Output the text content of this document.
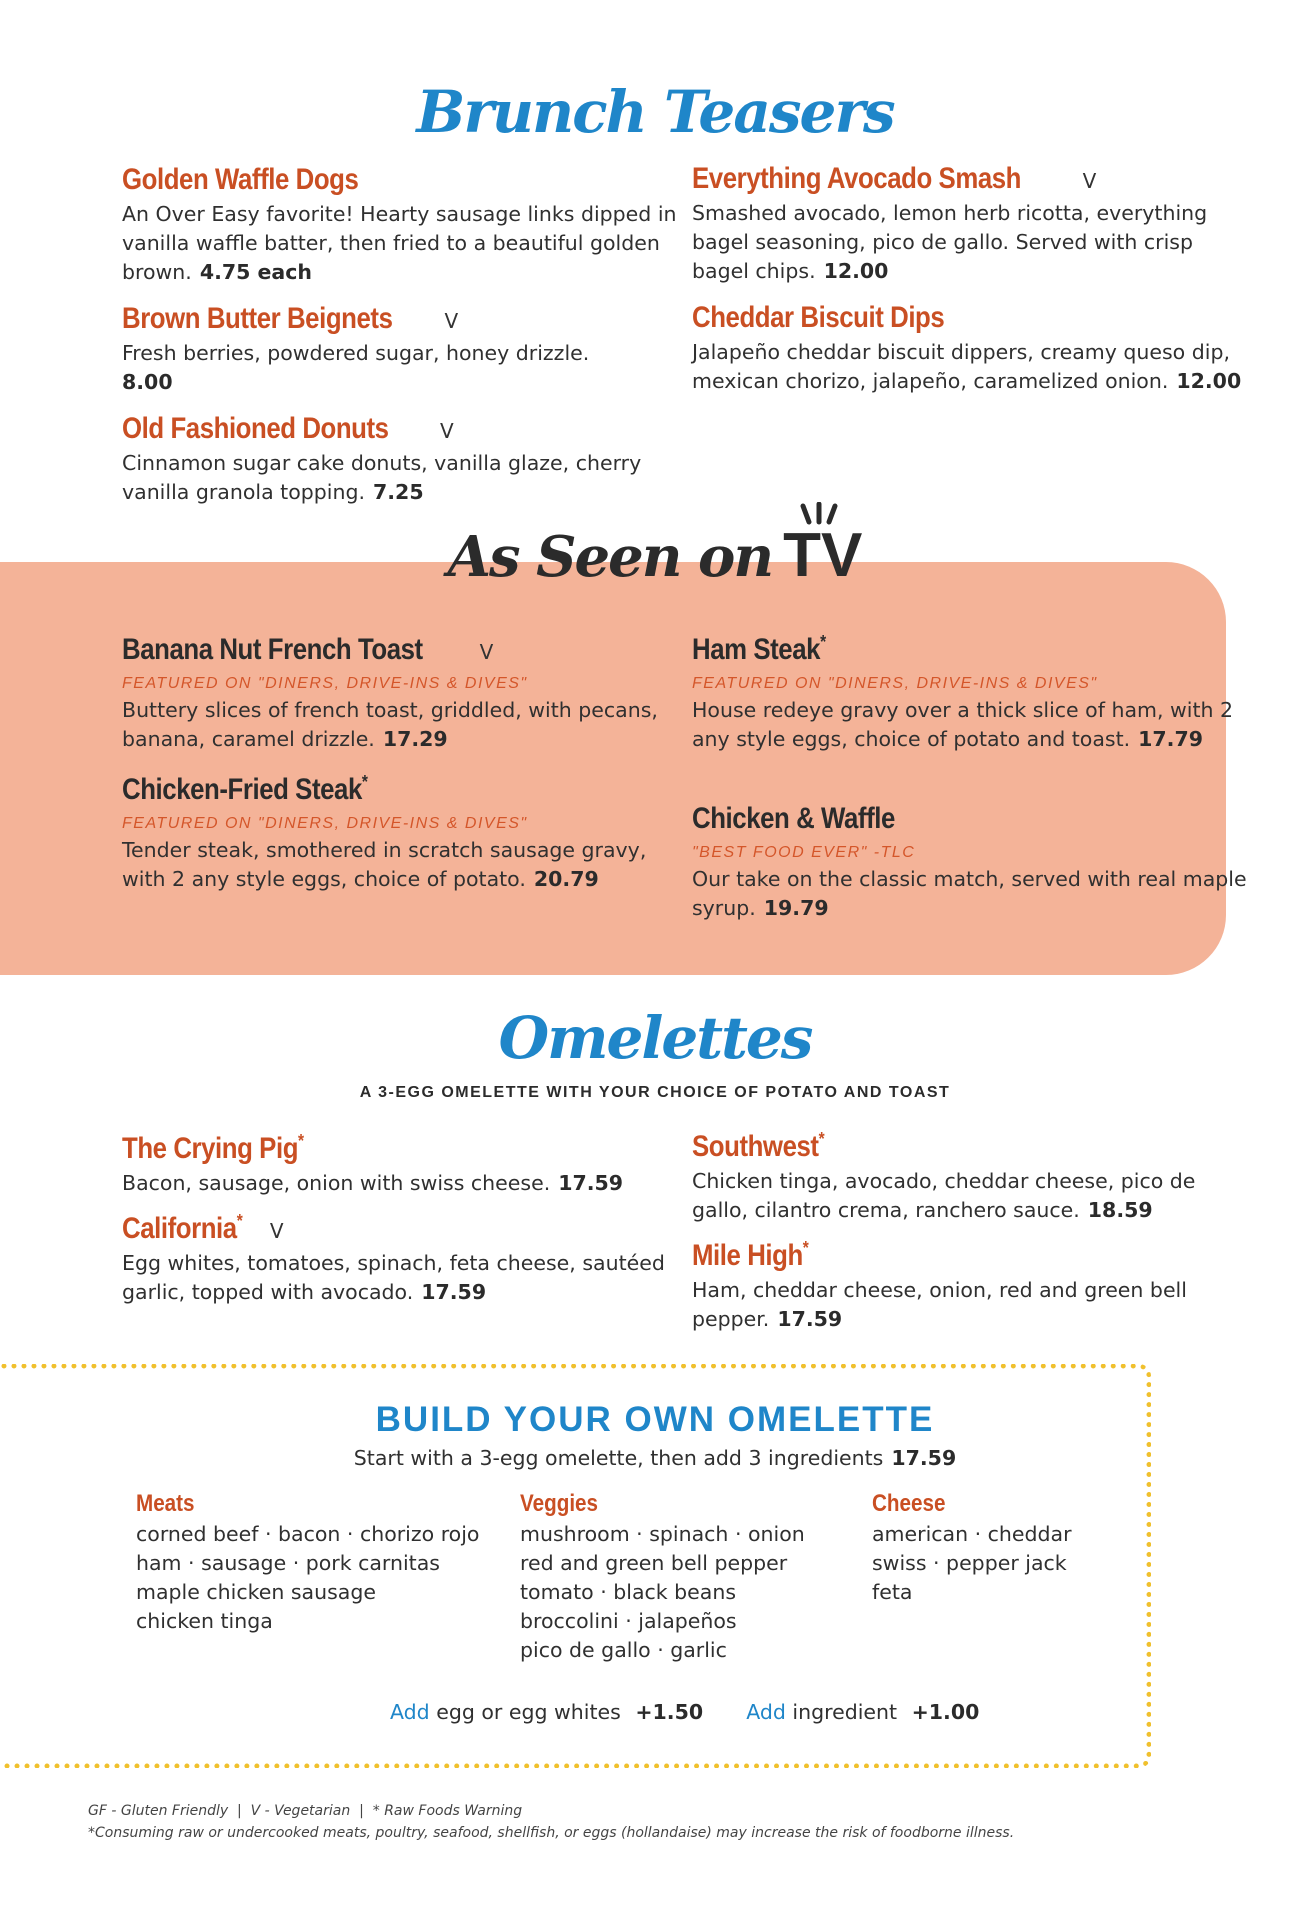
Brunch Teasers
Golden Waffle Dogs
An Over Easy favorite! Hearty sausage links dipped in vanilla waffle batter, then fried to a beautiful golden brown. 4.75 each
Brown Butter Beignets	V
Fresh berries, powdered sugar, honey drizzle.
8.00
Old Fashioned Donuts	V
Cinnamon sugar cake donuts, vanilla glaze, cherry vanilla granola topping. 7.25
Everything Avocado Smash	V
Smashed avocado, lemon herb ricotta, everything bagel seasoning, pico de gallo. Served with crisp bagel chips. 12.00
Cheddar Biscuit Dips
Jalapeño cheddar biscuit dippers, creamy queso dip, mexican chorizo, jalapeño, caramelized onion. 12.00
As Seen on TV
Banana Nut French Toast	V
FEATURED ON "DINERS, DRIVE-INS & DIVES"
Buttery slices of french toast, griddled, with pecans, banana, caramel drizzle. 17.29
Chicken-Fried Steak*
FEATURED ON "DINERS, DRIVE-INS & DIVES"
Tender steak, smothered in scratch sausage gravy, with 2 any style eggs, choice of potato. 20.79
Ham Steak*
FEATURED ON "DINERS, DRIVE-INS & DIVES"
House redeye gravy over a thick slice of ham, with 2 any style eggs, choice of potato and toast. 17.79
Chicken & Waffle
"BEST FOOD EVER" -TLC
Our take on the classic match, served with real maple syrup. 19.79
Omelettes
A 3-EGG OMELETTE WITH YOUR CHOICE OF POTATO AND TOAST
The Crying Pig*
Bacon, sausage, onion with swiss cheese. 17.59
California* V
Egg whites, tomatoes, spinach, feta cheese, sautéed garlic, topped with avocado. 17.59
Southwest*
Chicken tinga, avocado, cheddar cheese, pico de gallo, cilantro crema, ranchero sauce. 18.59
Mile High*
Ham, cheddar cheese, onion, red and green bell pepper. 17.59
BUILD YOUR OWN OMELETTE
Start with a 3-egg omelette, then add 3 ingredients 17.59
Meats
corned beef · bacon · chorizo rojo
ham · sausage · pork carnitas
maple chicken sausage
chicken tinga
Veggies
mushroom · spinach · onion
red and green bell pepper
tomato · black beans
broccolini · jalapeños
pico de gallo · garlic
Cheese
american · cheddar
swiss · pepper jack
feta
Add egg or egg whites +1.50 Add ingredient +1.00
GF - Gluten Friendly  |  V - Vegetarian  |  * Raw Foods Warning
*Consuming raw or undercooked meats, poultry, seafood, shellfish, or eggs (hollandaise) may increase the risk of foodborne illness.
